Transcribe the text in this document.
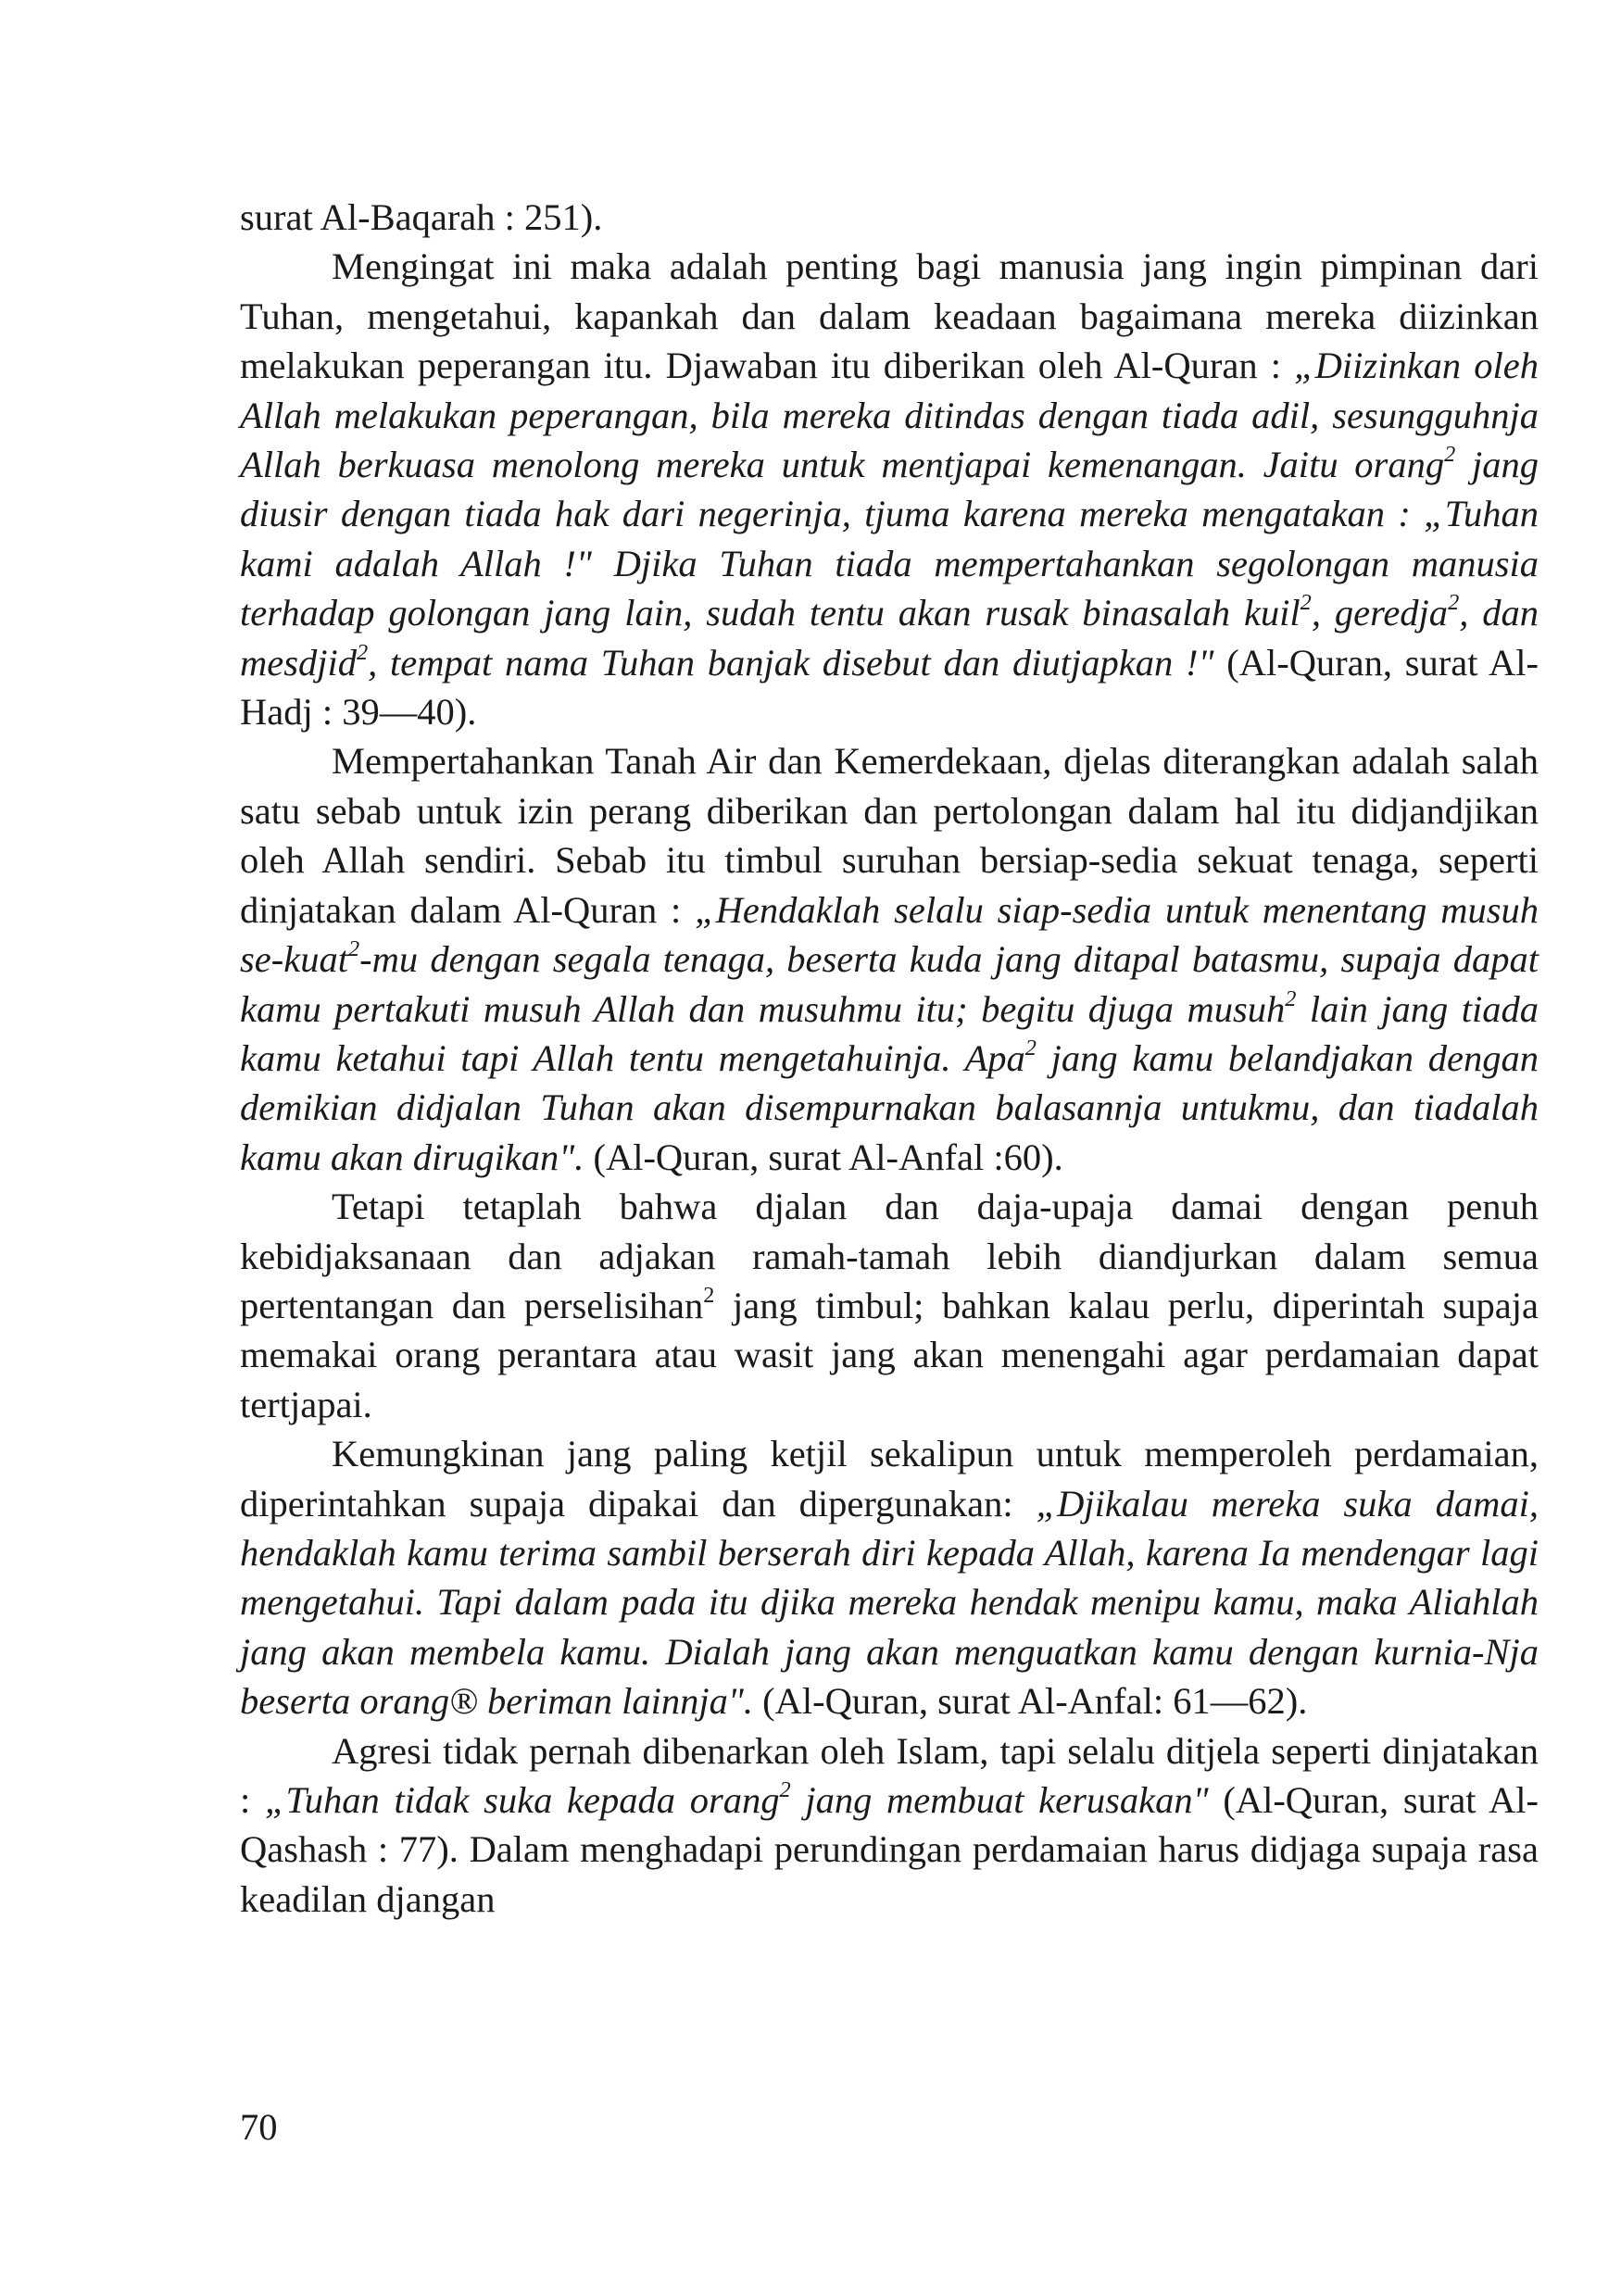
surat Al-Baqarah : 251).

Mengingat ini maka adalah penting bagi manusia jang ingin pimpinan dari Tuhan, mengetahui, kapankah dan dalam keadaan bagaimana mereka diizinkan melakukan peperangan itu. Djawaban itu diberikan oleh Al-Quran : „Diizinkan oleh Allah melakukan peperangan, bila mereka ditindas dengan tiada adil, sesungguhnja Allah berkuasa menolong mereka untuk mentjapai kemenangan. Jaitu orang$^2$ jang diusir dengan tiada hak dari negerinja, tjuma karena mereka mengatakan : „Tuhan kami adalah Allah !" Djika Tuhan tiada mempertahankan segolongan manusia terhadap golongan jang lain, sudah tentu akan rusak binasalah kuil$^2$, geredja$^2$, dan mesdjid$^2$, tempat nama Tuhan banjak disebut dan diutjapkan !" (Al-Quran, surat Al-Hadj : 39—40).

Mempertahankan Tanah Air dan Kemerdekaan, djelas diterangkan adalah salah satu sebab untuk izin perang diberikan dan pertolongan dalam hal itu didjandjikan oleh Allah sendiri. Sebab itu timbul suruhan bersiap-sedia sekuat tenaga, seperti dinjatakan dalam Al-Quran : „Hendaklah selalu siap-sedia untuk menentang musuh se-kuat$^2$-mu dengan segala tenaga, beserta kuda jang ditapal batasmu, supaja dapat kamu pertakuti musuh Allah dan musuhmu itu; begitu djuga musuh$^2$ lain jang tiada kamu ketahui tapi Allah tentu mengetahuinja. Apa$^2$ jang kamu belandjakan dengan demikian didjalan Tuhan akan disempurnakan balasannja untukmu, dan tiadalah kamu akan dirugikan". (Al-Quran, surat Al-Anfal :60).

Tetapi tetaplah bahwa djalan dan daja-upaja damai dengan penuh kebidjaksanaan dan adjakan ramah-tamah lebih diandjurkan dalam semua pertentangan dan perselisihan$^2$ jang timbul; bahkan kalau perlu, diperintah supaja memakai orang perantara atau wasit jang akan menengahi agar perdamaian dapat tertjapai.

Kemungkinan jang paling ketjil sekalipun untuk memperoleh perdamaian, diperintahkan supaja dipakai dan dipergunakan: „Djikalau mereka suka damai, hendaklah kamu terima sambil berserah diri kepada Allah, karena Ia mendengar lagi mengetahui. Tapi dalam pada itu djika mereka hendak menipu kamu, maka Aliahlah jang akan membela kamu. Dialah jang akan menguatkan kamu dengan kurnia-Nja beserta orang® beriman lainnja". (Al-Quran, surat Al-Anfal: 61—62).

Agresi tidak pernah dibenarkan oleh Islam, tapi selalu ditjela seperti dinjatakan : „Tuhan tidak suka kepada orang$^2$ jang membuat kerusakan" (Al-Quran, surat Al-Qashash : 77). Dalam menghadapi perundingan perdamaian harus didjaga supaja rasa keadilan djangan

70
